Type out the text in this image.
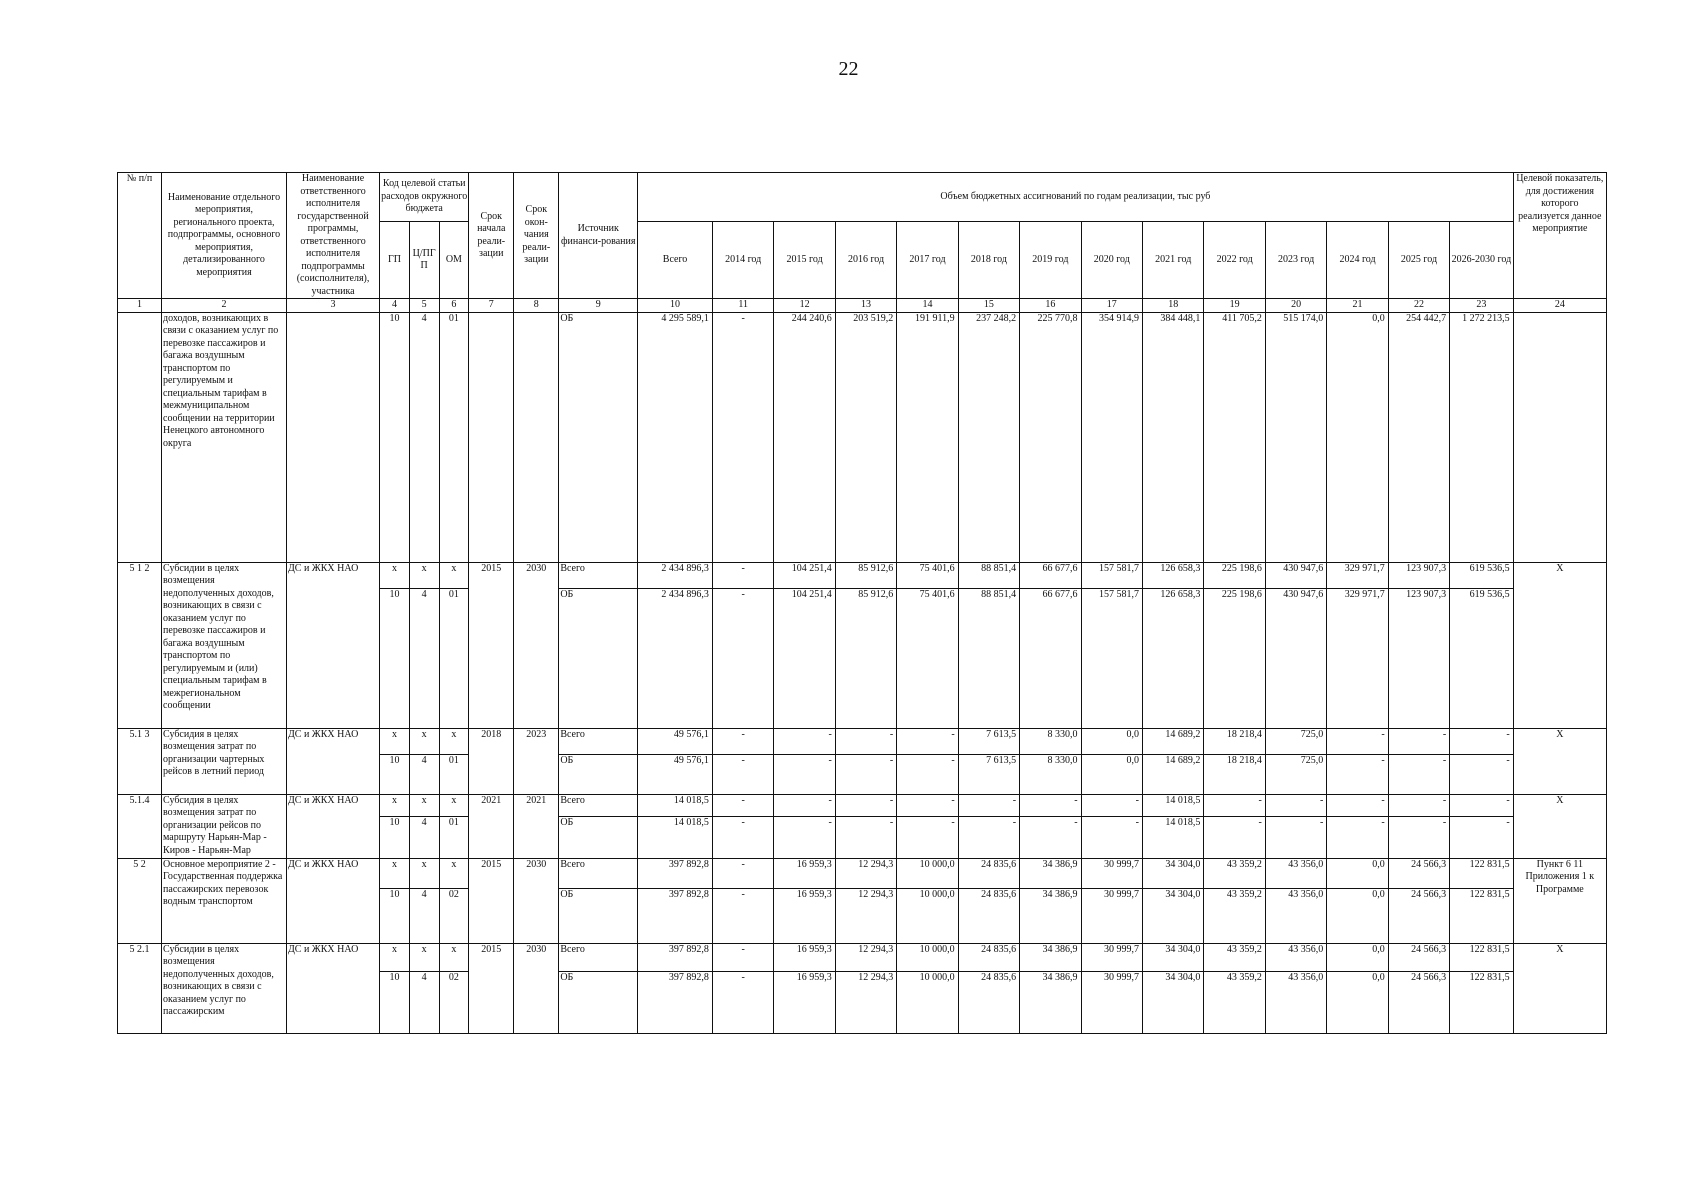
22
№ п/п	Наименование отдельного мероприятия, регионального проекта, подпрограммы, основного мероприятия, детализированного мероприятия	Наименование ответственного исполнителя государственной программы, ответственного исполнителя подпрограммы (соисполнителя), участника	Код целевой статьи расходов окружного бюджета			Срок начала реали-зации	Срок окон-чания реали-зации	Источник финанси-рования	Объем бюджетных ассигнований по годам реализации, тыс руб														Целевой показатель, для достижения которого реализуется данное мероприятие
			ГП	Ц/ПГ П	ОМ				Всего	2014 год	2015 год	2016 год	2017 год	2018 год	2019 год	2020 год	2021 год	2022 год	2023 год	2024 год	2025 год	2026-2030 год	

1	2	3	4	5	6	7	8	9	10	11	12	13	14	15	16	17	18	19	20	21	22	23	24
	доходов, возникающих в связи с оказанием услуг по перевозке пассажиров и багажа воздушным транспортом по регулируемым и специальным тарифам в межмуниципальном сообщении на территории Ненецкого автономного округа		10	4	01			ОБ	4 295 589,1	-	244 240,6	203 519,2	191 911,9	237 248,2	225 770,8	354 914,9	384 448,1	411 705,2	515 174,0	0,0	254 442,7	1 272 213,5	
5 1 2	Субсидии в целях возмещения недополученных доходов, возникающих в связи с оказанием услуг по перевозке пассажиров и багажа воздушным транспортом по регулируемым и (или) специальным тарифам в межрегиональном сообщении	ДС и ЖКХ НАО	x	x	x	2015	2030	Всего	2 434 896,3	-	104 251,4	85 912,6	75 401,6	88 851,4	66 677,6	157 581,7	126 658,3	225 198,6	430 947,6	329 971,7	123 907,3	619 536,5	X
			10	4	01			ОБ	2 434 896,3	-	104 251,4	85 912,6	75 401,6	88 851,4	66 677,6	157 581,7	126 658,3	225 198,6	430 947,6	329 971,7	123 907,3	619 536,5	
5.1 3	Субсидия в целях возмещения затрат по организации чартерных рейсов в летний период	ДС и ЖКХ НАО	x	x	x	2018	2023	Всего	49 576,1	-	-	-	-	7 613,5	8 330,0	0,0	14 689,2	18 218,4	725,0	-	-	-	X
			10	4	01			ОБ	49 576,1	-	-	-	-	7 613,5	8 330,0	0,0	14 689,2	18 218,4	725,0	-	-	-	
5.1.4	Субсидия в целях возмещения затрат по организации рейсов по маршруту Нарьян-Мар - Киров - Нарьян-Мар	ДС и ЖКХ НАО	x	x	x	2021	2021	Всего	14 018,5	-	-	-	-	-	-	-	14 018,5	-	-	-	-	-	X
			10	4	01			ОБ	14 018,5	-	-	-	-	-	-	-	14 018,5	-	-	-	-	-	
5 2	Основное мероприятие 2 - Государственная поддержка пассажирских перевозок водным транспортом	ДС и ЖКХ НАО	x	x	x	2015	2030	Всего	397 892,8	-	16 959,3	12 294,3	10 000,0	24 835,6	34 386,9	30 999,7	34 304,0	43 359,2	43 356,0	0,0	24 566,3	122 831,5	Пункт 6 11 Приложения 1 к Программе
			10	4	02			ОБ	397 892,8	-	16 959,3	12 294,3	10 000,0	24 835,6	34 386,9	30 999,7	34 304,0	43 359,2	43 356,0	0,0	24 566,3	122 831,5	
5 2.1	Субсидии в целях возмещения недополученных доходов, возникающих в связи с оказанием услуг по пассажирским	ДС и ЖКХ НАО	x	x	x	2015	2030	Всего	397 892,8	-	16 959,3	12 294,3	10 000,0	24 835,6	34 386,9	30 999,7	34 304,0	43 359,2	43 356,0	0,0	24 566,3	122 831,5	X
			10	4	02			ОБ	397 892,8	-	16 959,3	12 294,3	10 000,0	24 835,6	34 386,9	30 999,7	34 304,0	43 359,2	43 356,0	0,0	24 566,3	122 831,5	
